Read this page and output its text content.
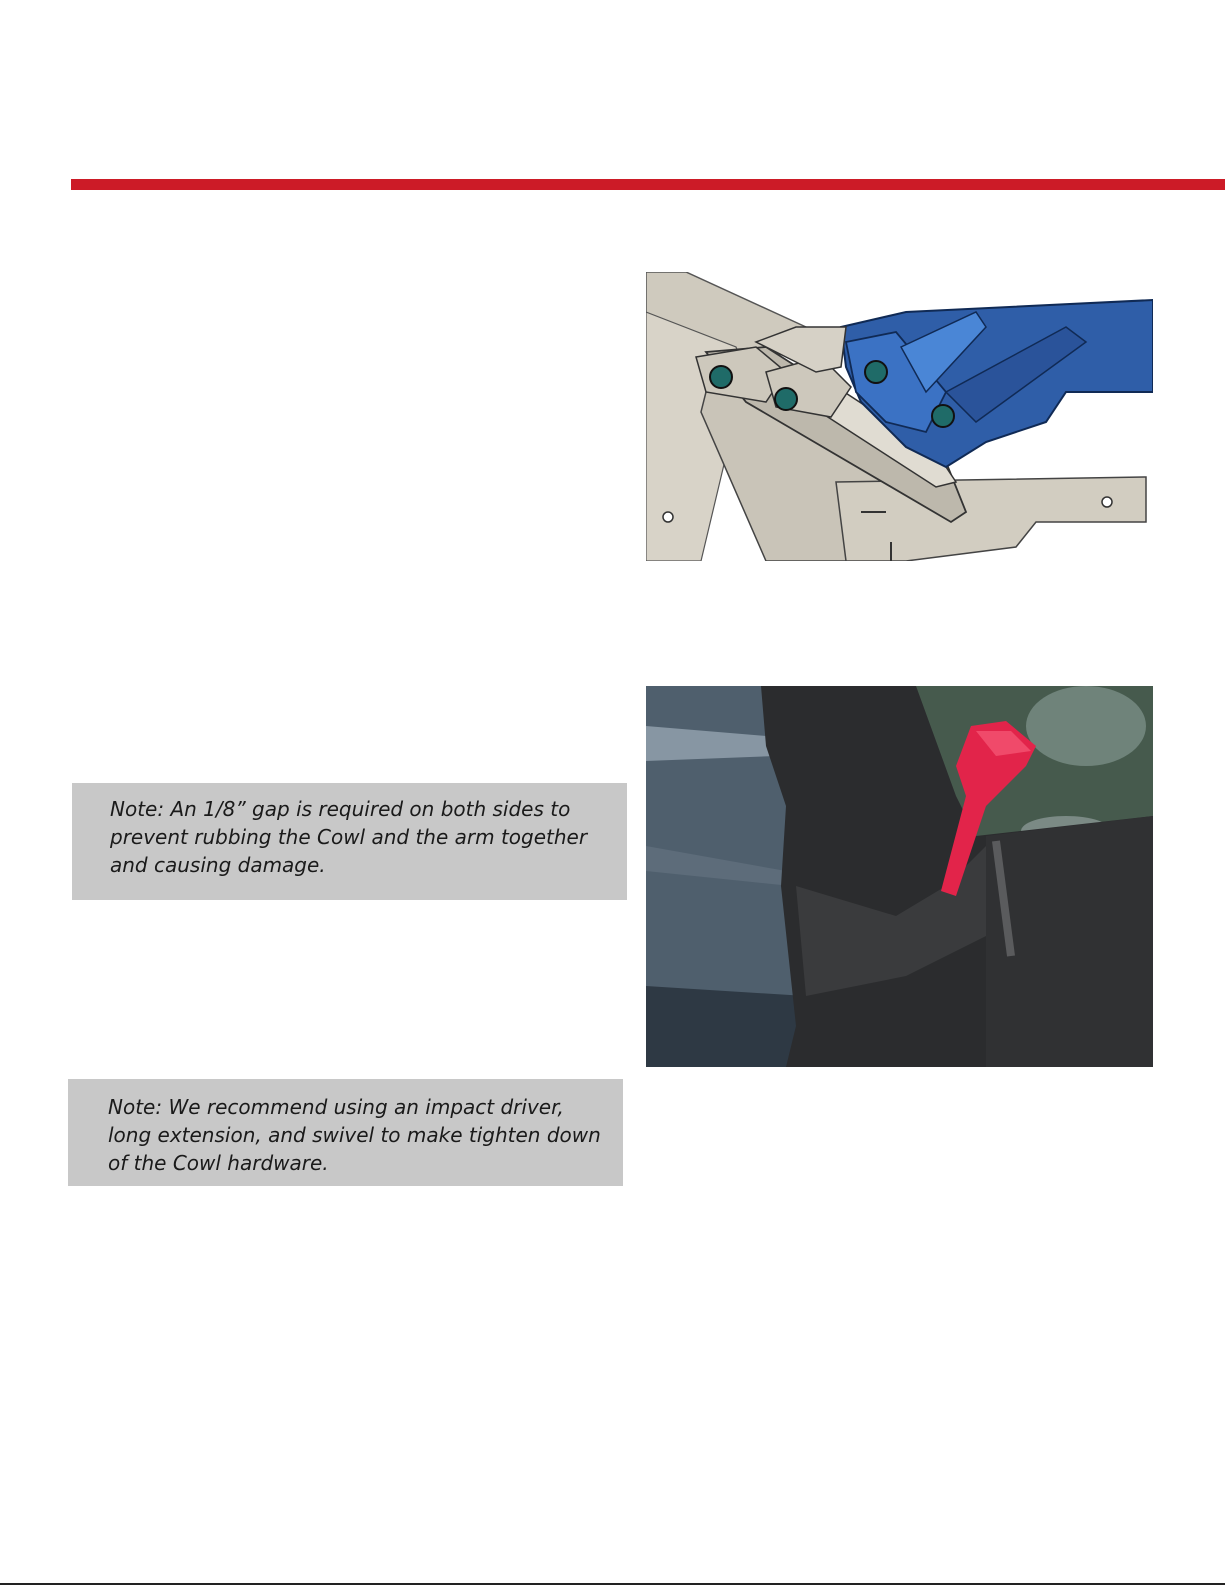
Note: An 1/8” gap is required on both sides to prevent rubbing the Cowl and the arm together and causing damage.
Note: We recommend using an impact driver, long extension, and swivel to make tighten down of the Cowl hardware.
